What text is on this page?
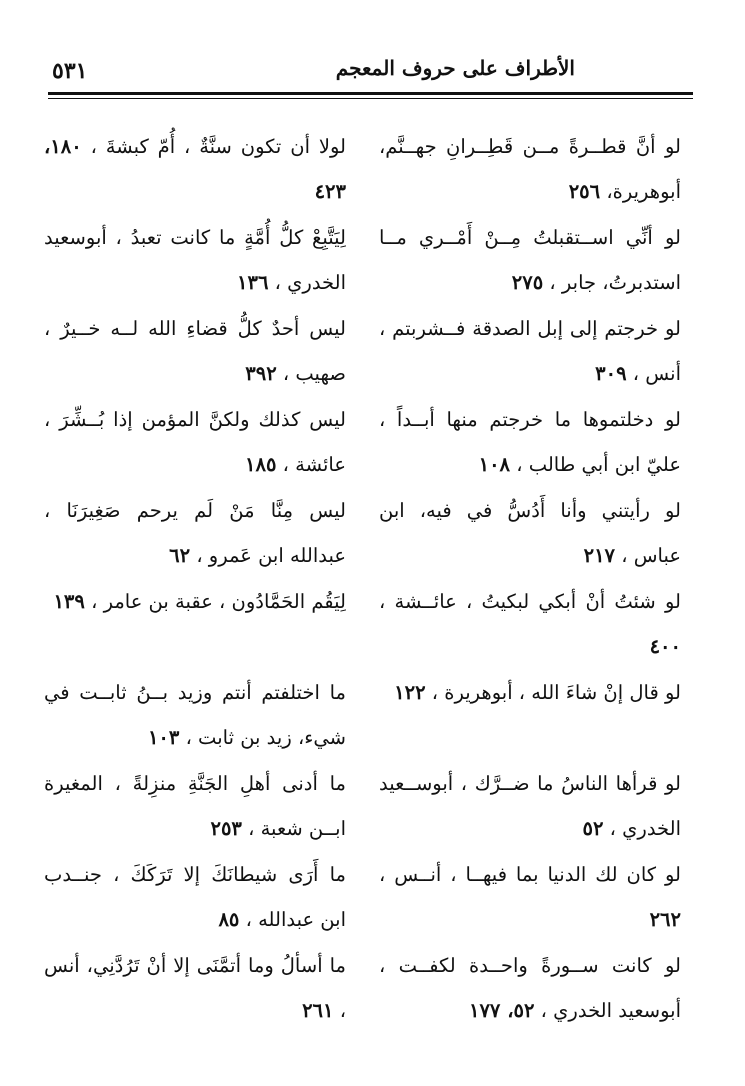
٥٣١	الأطراف على حروف المعجم
لو أنَّ قطــرةً مــن قَطِــرانِ جهــنَّم، أبوهريرة، ٢٥٦
لو أنِّي اســتقبلتُ مِــنْ أَمْــري مــا استدبرتُ، جابر ، ٢٧٥
لو خرجتم إلى إبل الصدقة فــشربتم ، أنس ، ٣٠٩
لو دخلتموها ما خرجتم منها أبــداً ، عليّ ابن أبي طالب ، ١٠٨
لو رأيتني وأنا أَدُسُّ في فيه، ابن عباس ، ٢١٧
لو شئتُ أنْ أبكي لبكيتُ ، عائــشة ، ٤٠٠
لو قال إنْ شاءَ الله ، أبوهريرة ، ١٢٢
لو قرأها الناسُ ما ضــرَّك ، أبوســعيد الخدري ، ٥٢
لو كان لك الدنيا بما فيهــا ، أنــس ، ٢٦٢
لو كانت ســورةً واحــدة لكفــت ، أبوسعيد الخدري ، ٥٢، ١٧٧
لولا أن تكون سنَّةٌ ، أُمّ كبشةَ ، ١٨٠، ٤٢٣
لِيَتَّبِعْ كلُّ أُمَّةٍ ما كانت تعبدُ ، أبوسعيد الخدري ، ١٣٦
ليس أحدٌ كلُّ قضاءِ الله لــه خــيرٌ ، صهيب ، ٣٩٢
ليس كذلك ولكنَّ المؤمن إذا بُــشِّرَ ، عائشة ، ١٨٥
ليس مِنَّا مَنْ لَم يرحم صَغِيرَنَا ، عبدالله ابن عَمرو ، ٦٢
لِيَقُم الحَمَّادُون ، عقبة بن عامر ، ١٣٩
ما اختلفتم أنتم وزيد بــنُ ثابــت في شيء، زيد بن ثابت ، ١٠٣
ما أدنى أهلِ الجَنَّةِ منزِلةً ، المغيرة ابــن شعبة ، ٢٥٣
ما أَرَى شيطانَكَ إلا تَرَكَكَ ، جنــدب ابن عبدالله ، ٨٥
ما أسألُ وما أتمَّنَى إلا أنْ تَرُدَّنِي، أنس ، ٢٦١
